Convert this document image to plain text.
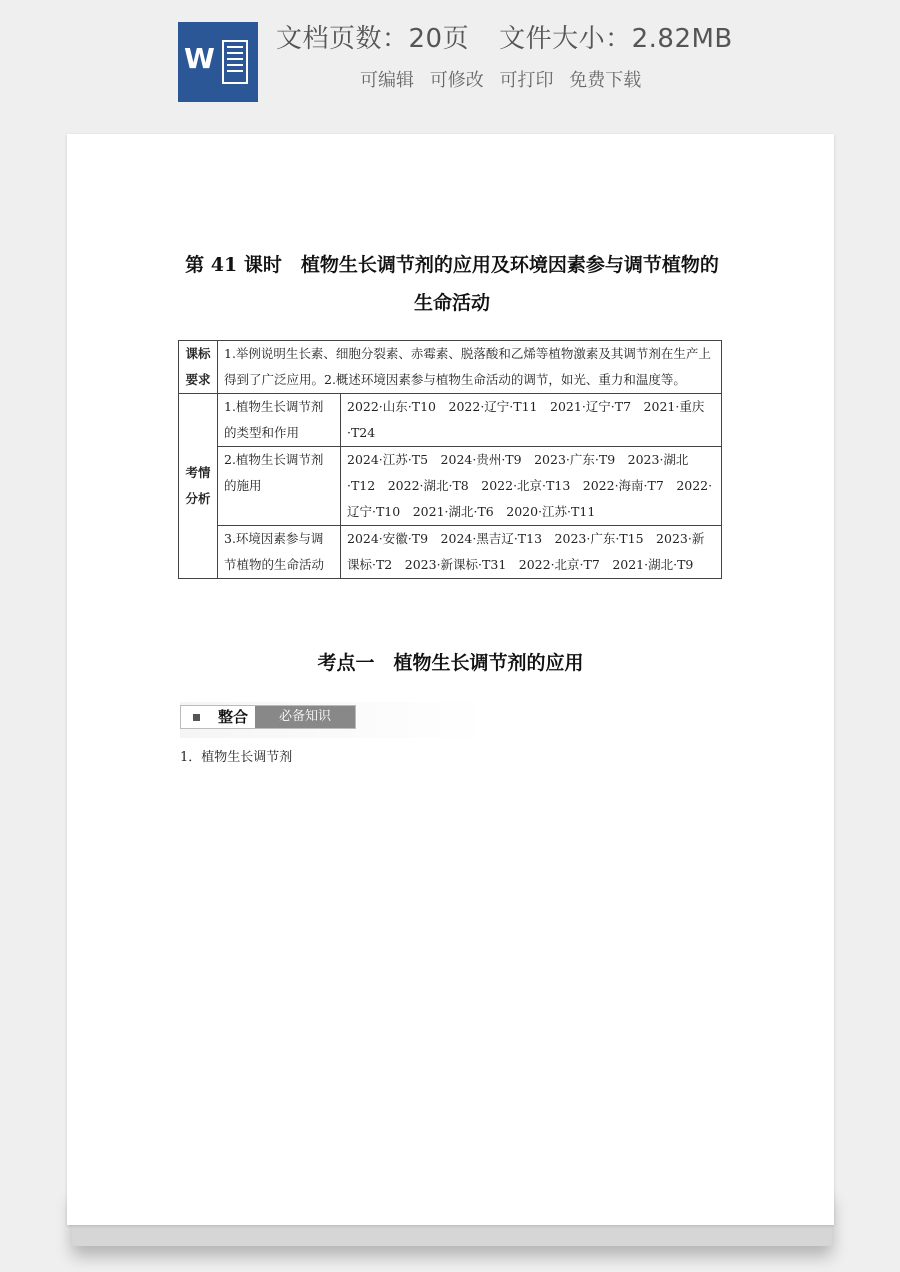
W
文档页数：20页 文件大小：2.82MB
可编辑 可修改 可打印 免费下载
第 41 课时　植物生长调节剂的应用及环境因素参与调节植物的生命活动
课标要求	1.举例说明生长素、细胞分裂素、赤霉素、脱落酸和乙烯等植物激素及其调节剂在生产上得到了广泛应用。2.概述环境因素参与植物生命活动的调节，如光、重力和温度等。	
考情分析	1.植物生长调节剂的类型和作用	2022·山东·T10　2022·辽宁·T11　2021·辽宁·T7　2021·重庆·T24
	2.植物生长调节剂的施用	2024·江苏·T5　2024·贵州·T9　2023·广东·T9　2023·湖北·T12　2022·湖北·T8　2022·北京·T13　2022·海南·T7　2022·辽宁·T10　2021·湖北·T6　2020·江苏·T11
	3.环境因素参与调节植物的生命活动	2024·安徽·T9　2024·黑吉辽·T13　2023·广东·T15　2023·新课标·T2　2023·新课标·T31　2022·北京·T7　2021·湖北·T9
考点一　植物生长调节剂的应用
整合	必备知识
1．植物生长调节剂
